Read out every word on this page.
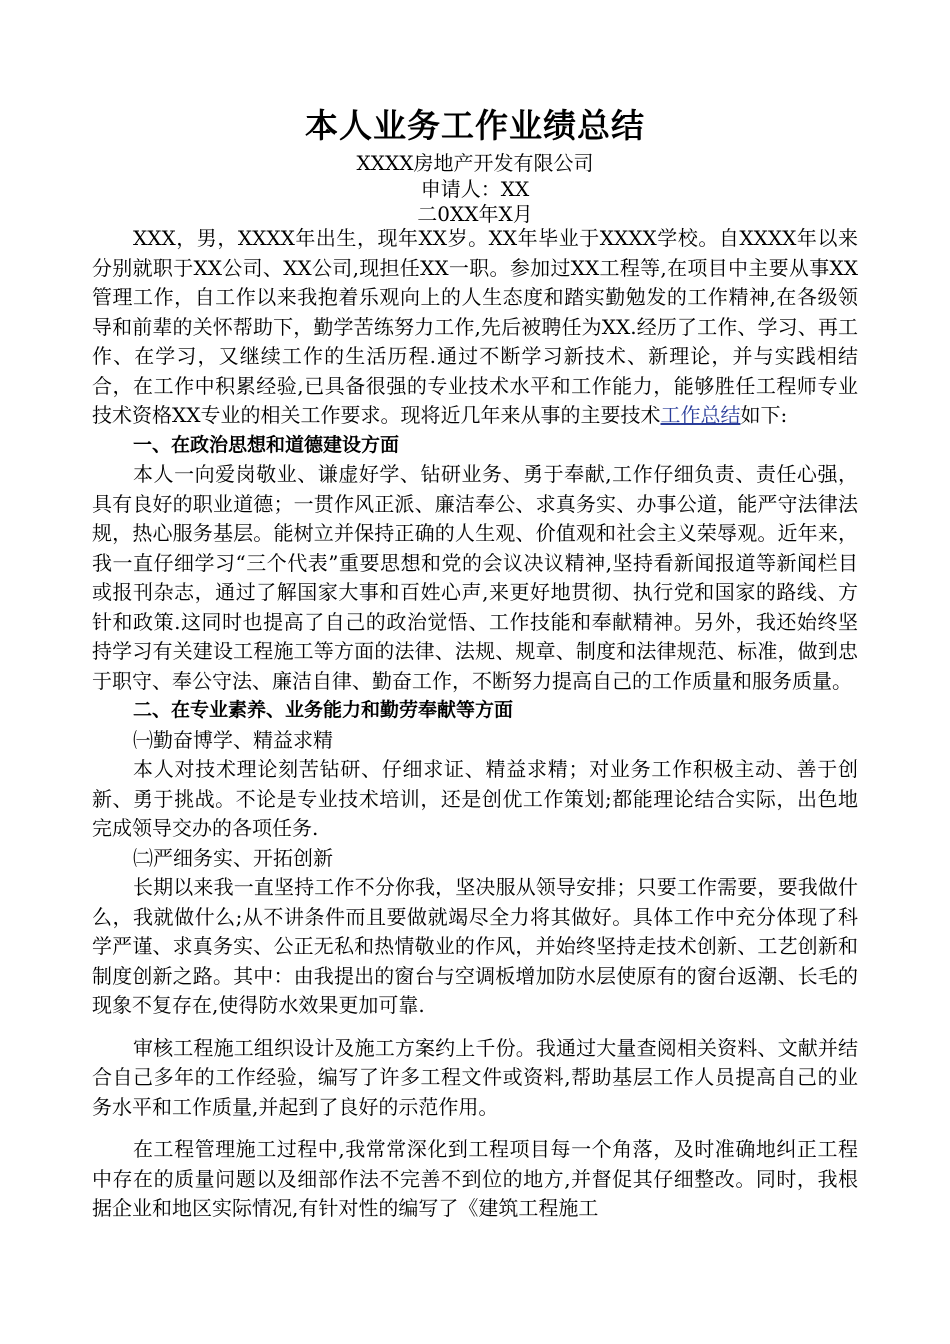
本人业务工作业绩总结
XXXX房地产开发有限公司
申请人：XX
二0XX年X月

XXX，男，XXXX年出生，现年XX岁。XX年毕业于XXXX学校。自XXXX年以来分别就职于XX公司、XX公司,现担任XX一职。参加过XX工程等,在项目中主要从事XX管理工作，自工作以来我抱着乐观向上的人生态度和踏实勤勉发的工作精神,在各级领导和前辈的关怀帮助下，勤学苦练努力工作,先后被聘任为XX.经历了工作、学习、再工作、在学习，又继续工作的生活历程.通过不断学习新技术、新理论，并与实践相结合，在工作中积累经验,已具备很强的专业技术水平和工作能力，能够胜任工程师专业技术资格XX专业的相关工作要求。现将近几年来从事的主要技术工作总结如下:

一、在政治思想和道德建设方面

本人一向爱岗敬业、谦虚好学、钻研业务、勇于奉献,工作仔细负责、责任心强，具有良好的职业道德；一贯作风正派、廉洁奉公、求真务实、办事公道，能严守法律法规，热心服务基层。能树立并保持正确的人生观、价值观和社会主义荣辱观。近年来，我一直仔细学习“三个代表”重要思想和党的会议决议精神,坚持看新闻报道等新闻栏目或报刊杂志，通过了解国家大事和百姓心声,来更好地贯彻、执行党和国家的路线、方针和政策.这同时也提高了自己的政治觉悟、工作技能和奉献精神。另外，我还始终坚持学习有关建设工程施工等方面的法律、法规、规章、制度和法律规范、标准，做到忠于职守、奉公守法、廉洁自律、勤奋工作，不断努力提高自己的工作质量和服务质量。

二、在专业素养、业务能力和勤劳奉献等方面

㈠勤奋博学、精益求精

本人对技术理论刻苦钻研、仔细求证、精益求精；对业务工作积极主动、善于创新、勇于挑战。不论是专业技术培训，还是创优工作策划;都能理论结合实际，出色地完成领导交办的各项任务.

㈡严细务实、开拓创新

长期以来我一直坚持工作不分你我，坚决服从领导安排；只要工作需要，要我做什么，我就做什么;从不讲条件而且要做就竭尽全力将其做好。具体工作中充分体现了科学严谨、求真务实、公正无私和热情敬业的作风，并始终坚持走技术创新、工艺创新和制度创新之路。其中：由我提出的窗台与空调板增加防水层使原有的窗台返潮、长毛的现象不复存在,使得防水效果更加可靠.

审核工程施工组织设计及施工方案约上千份。我通过大量查阅相关资料、文献并结合自己多年的工作经验，编写了许多工程文件或资料,帮助基层工作人员提高自己的业务水平和工作质量,并起到了良好的示范作用。

在工程管理施工过程中,我常常深化到工程项目每一个角落，及时准确地纠正工程中存在的质量问题以及细部作法不完善不到位的地方,并督促其仔细整改。同时，我根据企业和地区实际情况,有针对性的编写了《建筑工程施工
